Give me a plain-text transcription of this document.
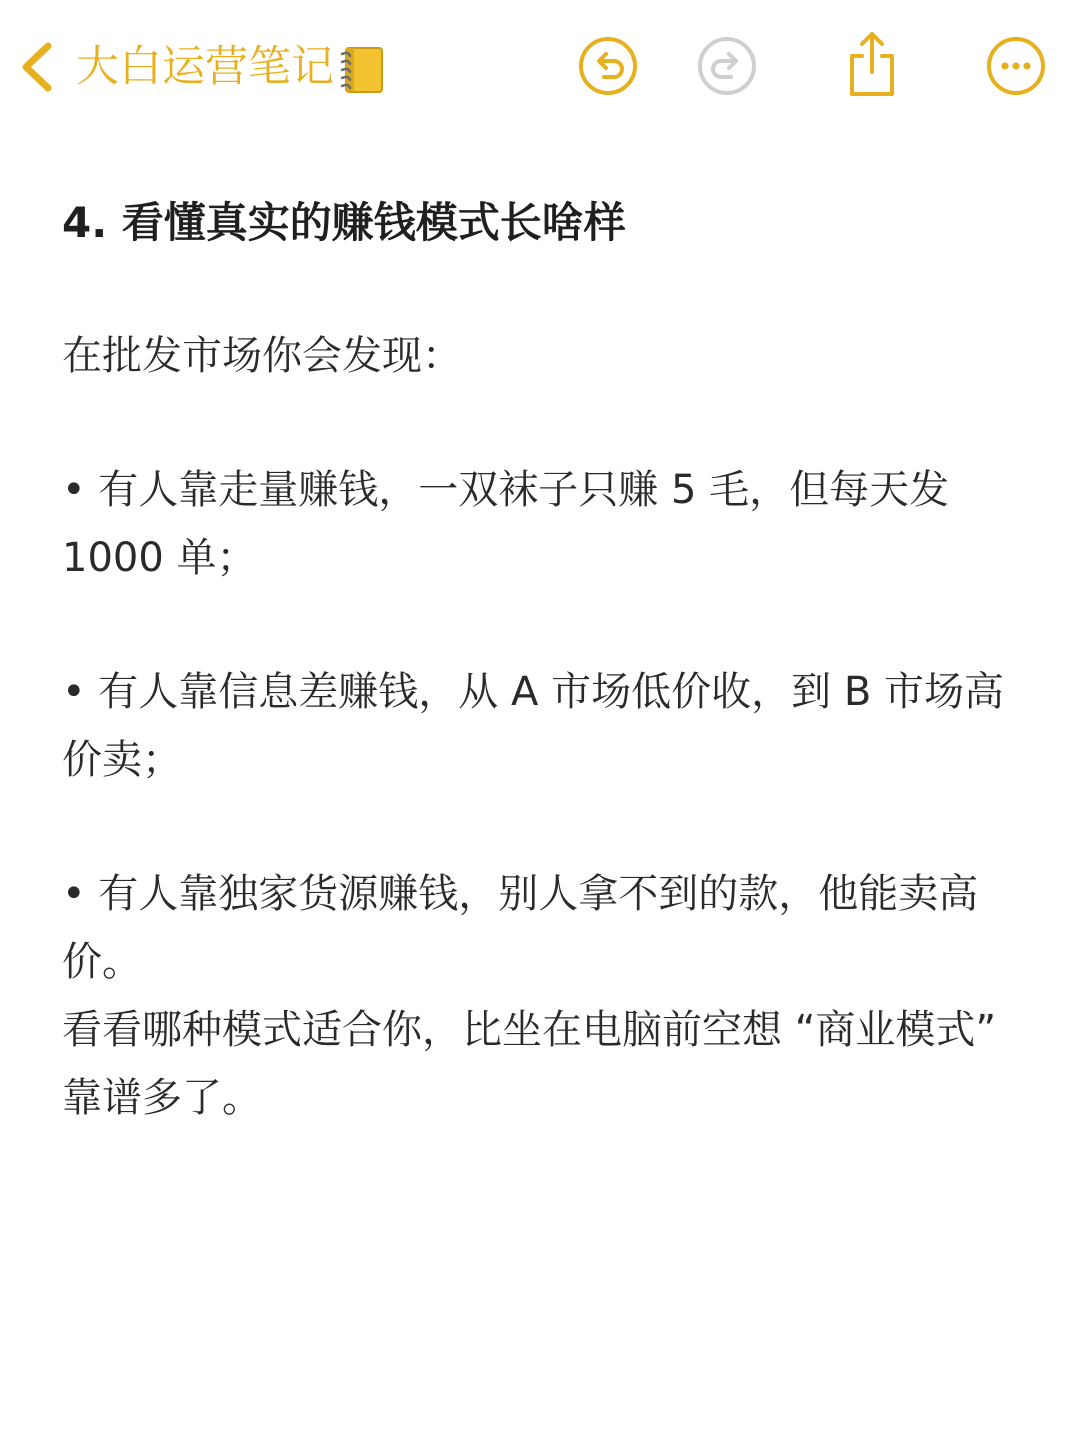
大白运营笔记

4. 看懂真实的赚钱模式长啥样

在批发市场你会发现：

• 有人靠走量赚钱，一双袜子只赚 5 毛，但每天发 1000 单；

• 有人靠信息差赚钱，从 A 市场低价收，到 B 市场高价卖；

• 有人靠独家货源赚钱，别人拿不到的款，他能卖高价。

看看哪种模式适合你，比坐在电脑前空想 “商业模式” 靠谱多了。
